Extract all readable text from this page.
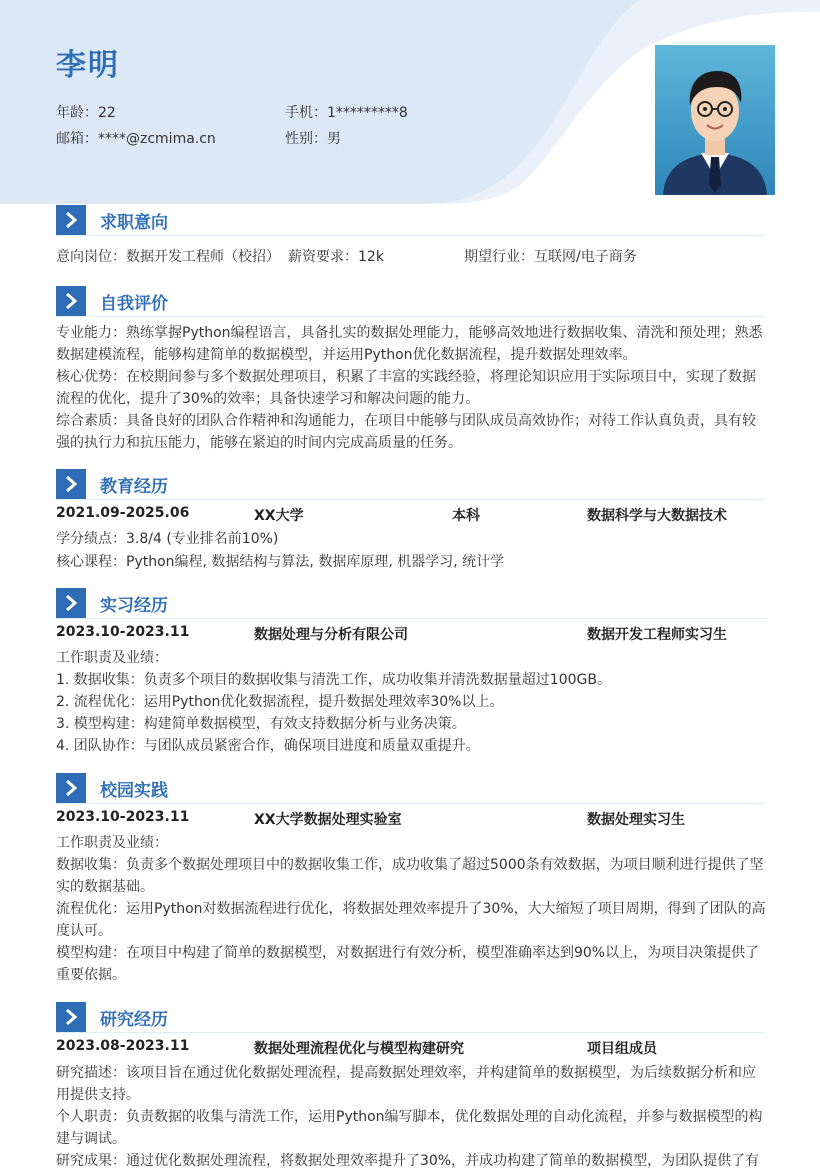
李明
年龄：22	手机：1*********8
邮箱：****@zcmima.cn	性别：男
求职意向
意向岗位：数据开发工程师（校招） 薪资要求：12k	期望行业：互联网/电子商务
自我评价
专业能力：熟练掌握Python编程语言，具备扎实的数据处理能力，能够高效地进行数据收集、清洗和预处理；熟悉数据建模流程，能够构建简单的数据模型，并运用Python优化数据流程，提升数据处理效率。
核心优势：在校期间参与多个数据处理项目，积累了丰富的实践经验，将理论知识应用于实际项目中，实现了数据流程的优化，提升了30%的效率；具备快速学习和解决问题的能力。
综合素质：具备良好的团队合作精神和沟通能力，在项目中能够与团队成员高效协作；对待工作认真负责，具有较强的执行力和抗压能力，能够在紧迫的时间内完成高质量的任务。
教育经历
2021.09-2025.06	XX大学	本科	数据科学与大数据技术
学分绩点：3.8/4 (专业排名前10%)
核心课程：Python编程, 数据结构与算法, 数据库原理, 机器学习, 统计学
实习经历
2023.10-2023.11	数据处理与分析有限公司	数据开发工程师实习生
工作职责及业绩：
1. 数据收集：负责多个项目的数据收集与清洗工作，成功收集并清洗数据量超过100GB。
2. 流程优化：运用Python优化数据流程，提升数据处理效率30%以上。
3. 模型构建：构建简单数据模型，有效支持数据分析与业务决策。
4. 团队协作：与团队成员紧密合作，确保项目进度和质量双重提升。
校园实践
2023.10-2023.11	XX大学数据处理实验室	数据处理实习生
工作职责及业绩：
数据收集：负责多个数据处理项目中的数据收集工作，成功收集了超过5000条有效数据，为项目顺利进行提供了坚实的数据基础。
流程优化：运用Python对数据流程进行优化，将数据处理效率提升了30%，大大缩短了项目周期，得到了团队的高度认可。
模型构建：在项目中构建了简单的数据模型，对数据进行有效分析，模型准确率达到90%以上，为项目决策提供了重要依据。
研究经历
2023.08-2023.11	数据处理流程优化与模型构建研究	项目组成员
研究描述：该项目旨在通过优化数据处理流程，提高数据处理效率，并构建简单的数据模型，为后续数据分析和应用提供支持。
个人职责：负责数据的收集与清洗工作，运用Python编写脚本，优化数据处理的自动化流程，并参与数据模型的构建与调试。
研究成果：通过优化数据处理流程，将数据处理效率提升了30%，并成功构建了简单的数据模型，为团队提供了有
